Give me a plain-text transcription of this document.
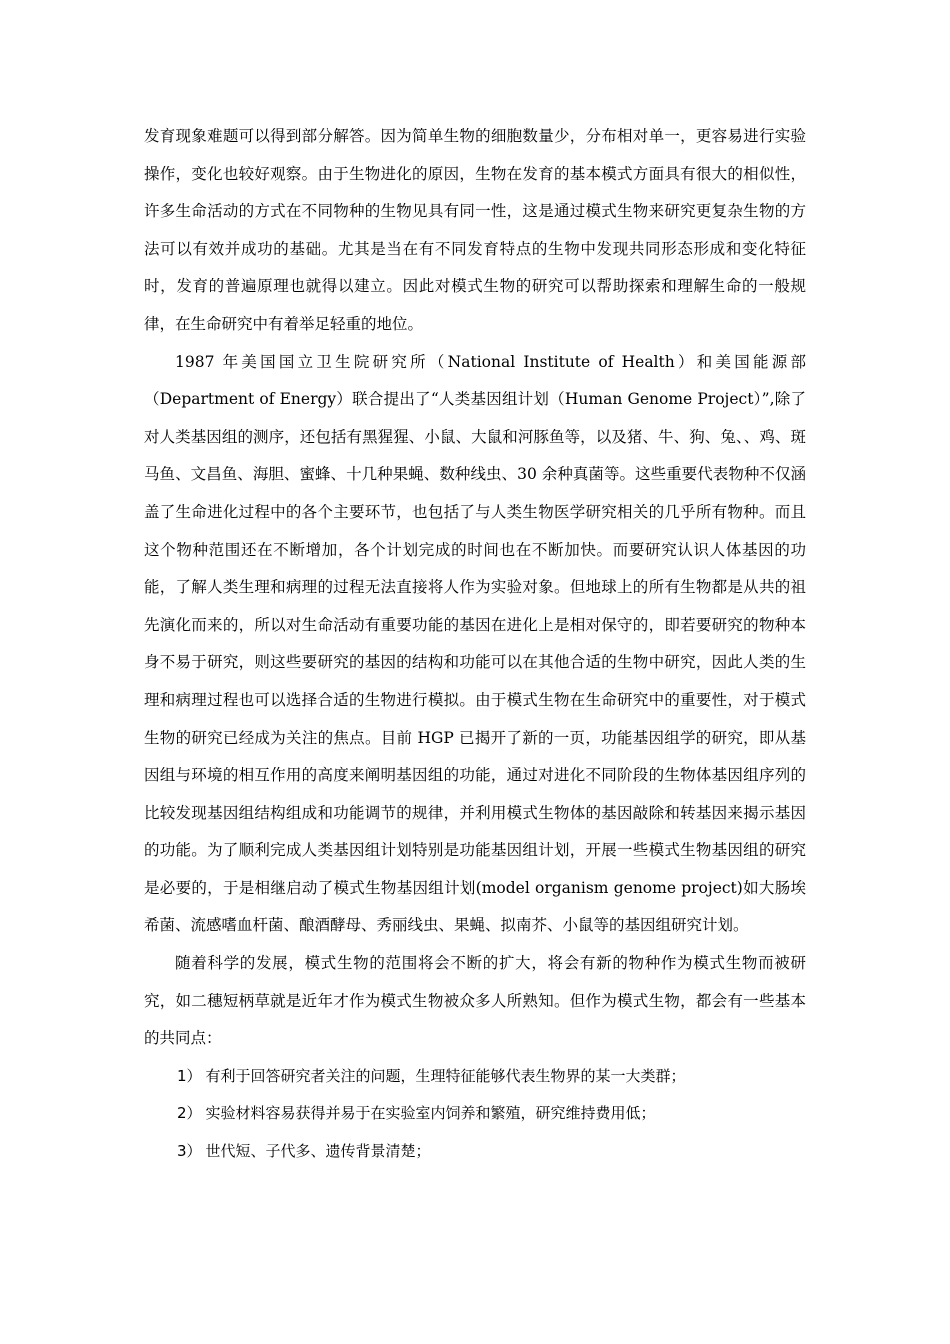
发育现象难题可以得到部分解答。因为简单生物的细胞数量少，分布相对单一，更容易进行实验操作，变化也较好观察。由于生物进化的原因，生物在发育的基本模式方面具有很大的相似性，许多生命活动的方式在不同物种的生物见具有同一性，这是通过模式生物来研究更复杂生物的方法可以有效并成功的基础。尤其是当在有不同发育特点的生物中发现共同形态形成和变化特征时，发育的普遍原理也就得以建立。因此对模式生物的研究可以帮助探索和理解生命的一般规律，在生命研究中有着举足轻重的地位。

1987 年美国国立卫生院研究所（National Institute of Health）和美国能源部（Department of Energy）联合提出了“人类基因组计划（Human Genome Project）”,除了对人类基因组的测序，还包括有黑猩猩、小鼠、大鼠和河豚鱼等，以及猪、牛、狗、兔、、鸡、斑马鱼、文昌鱼、海胆、蜜蜂、十几种果蝇、数种线虫、30 余种真菌等。这些重要代表物种不仅涵盖了生命进化过程中的各个主要环节，也包括了与人类生物医学研究相关的几乎所有物种。而且这个物种范围还在不断增加，各个计划完成的时间也在不断加快。而要研究认识人体基因的功能，了解人类生理和病理的过程无法直接将人作为实验对象。但地球上的所有生物都是从共的祖先演化而来的，所以对生命活动有重要功能的基因在进化上是相对保守的，即若要研究的物种本身不易于研究，则这些要研究的基因的结构和功能可以在其他合适的生物中研究，因此人类的生理和病理过程也可以选择合适的生物进行模拟。由于模式生物在生命研究中的重要性，对于模式生物的研究已经成为关注的焦点。目前 HGP 已揭开了新的一页，功能基因组学的研究，即从基因组与环境的相互作用的高度来阐明基因组的功能，通过对进化不同阶段的生物体基因组序列的比较发现基因组结构组成和功能调节的规律，并利用模式生物体的基因敲除和转基因来揭示基因的功能。为了顺利完成人类基因组计划特别是功能基因组计划，开展一些模式生物基因组的研究是必要的，于是相继启动了模式生物基因组计划(model organism genome project)如大肠埃希菌、流感嗜血杆菌、酿酒酵母、秀丽线虫、果蝇、拟南芥、小鼠等的基因组研究计划。

随着科学的发展，模式生物的范围将会不断的扩大，将会有新的物种作为模式生物而被研究，如二穗短柄草就是近年才作为模式生物被众多人所熟知。但作为模式生物，都会有一些基本的共同点：

1） 有利于回答研究者关注的问题，生理特征能够代表生物界的某一大类群；
2） 实验材料容易获得并易于在实验室内饲养和繁殖，研究维持费用低；
3） 世代短、子代多、遗传背景清楚；
